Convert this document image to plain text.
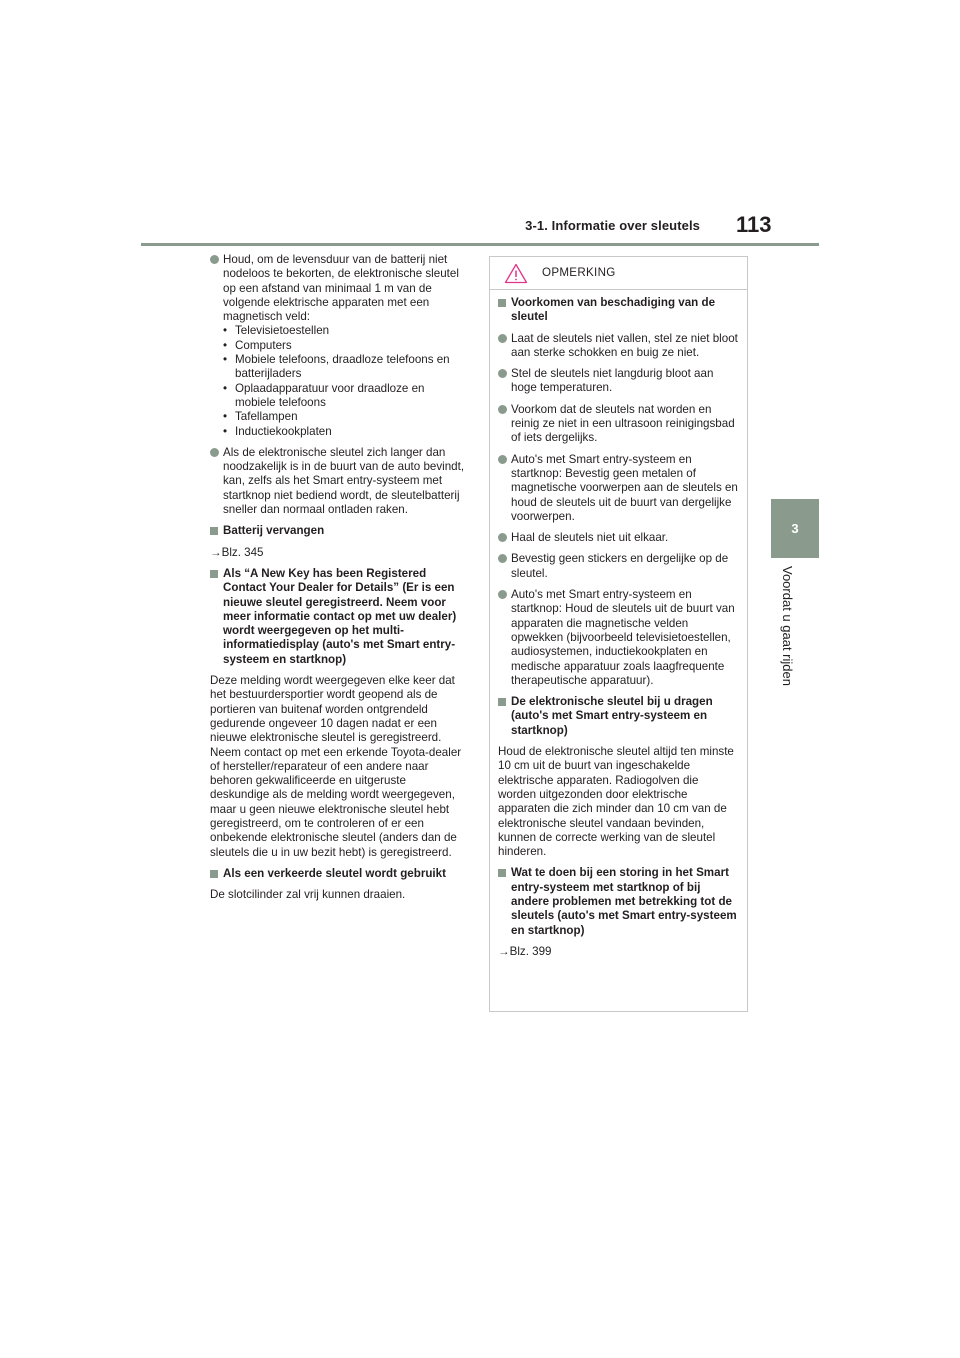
3-1. Informatie over sleutels 113
3
Voordat u gaat rijden
Houd, om de levensduur van de batterij niet nodeloos te bekorten, de elektronische sleutel op een afstand van minimaal 1 m van de volgende elektrische apparaten met een magnetisch veld:
• Televisietoestellen
• Computers
• Mobiele telefoons, draadloze telefoons en batterijladers
• Oplaadapparatuur voor draadloze en mobiele telefoons
• Tafellampen
• Inductiekookplaten
Als de elektronische sleutel zich langer dan noodzakelijk is in de buurt van de auto bevindt, kan, zelfs als het Smart entry-systeem met startknop niet bediend wordt, de sleutelbatterij sneller dan normaal ontladen raken.
Batterij vervangen
→Blz. 345
Als “A New Key has been Registered Contact Your Dealer for Details” (Er is een nieuwe sleutel geregistreerd. Neem voor meer informatie contact op met uw dealer) wordt weergegeven op het multi-informatiedisplay (auto's met Smart entry-systeem en startknop)
Deze melding wordt weergegeven elke keer dat het bestuurdersportier wordt geopend als de portieren van buitenaf worden ontgrendeld gedurende ongeveer 10 dagen nadat er een nieuwe elektronische sleutel is geregistreerd.
Neem contact op met een erkende Toyota-dealer of hersteller/reparateur of een andere naar behoren gekwalificeerde en uitgeruste deskundige als de melding wordt weergegeven, maar u geen nieuwe elektronische sleutel hebt geregistreerd, om te controleren of er een onbekende elektronische sleutel (anders dan de sleutels die u in uw bezit hebt) is geregistreerd.
Als een verkeerde sleutel wordt gebruikt
De slotcilinder zal vrij kunnen draaien.
OPMERKING
Voorkomen van beschadiging van de sleutel
Laat de sleutels niet vallen, stel ze niet bloot aan sterke schokken en buig ze niet.
Stel de sleutels niet langdurig bloot aan hoge temperaturen.
Voorkom dat de sleutels nat worden en reinig ze niet in een ultrasoon reinigingsbad of iets dergelijks.
Auto's met Smart entry-systeem en startknop: Bevestig geen metalen of magnetische voorwerpen aan de sleutels en houd de sleutels uit de buurt van dergelijke voorwerpen.
Haal de sleutels niet uit elkaar.
Bevestig geen stickers en dergelijke op de sleutel.
Auto's met Smart entry-systeem en startknop: Houd de sleutels uit de buurt van apparaten die magnetische velden opwekken (bijvoorbeeld televisietoestellen, audiosystemen, inductiekookplaten en medische apparatuur zoals laagfrequente therapeutische apparatuur).
De elektronische sleutel bij u dragen (auto's met Smart entry-systeem en startknop)
Houd de elektronische sleutel altijd ten minste 10 cm uit de buurt van ingeschakelde elektrische apparaten. Radiogolven die worden uitgezonden door elektrische apparaten die zich minder dan 10 cm van de elektronische sleutel vandaan bevinden, kunnen de correcte werking van de sleutel hinderen.
Wat te doen bij een storing in het Smart entry-systeem met startknop of bij andere problemen met betrekking tot de sleutels (auto's met Smart entry-systeem en startknop)
→Blz. 399
